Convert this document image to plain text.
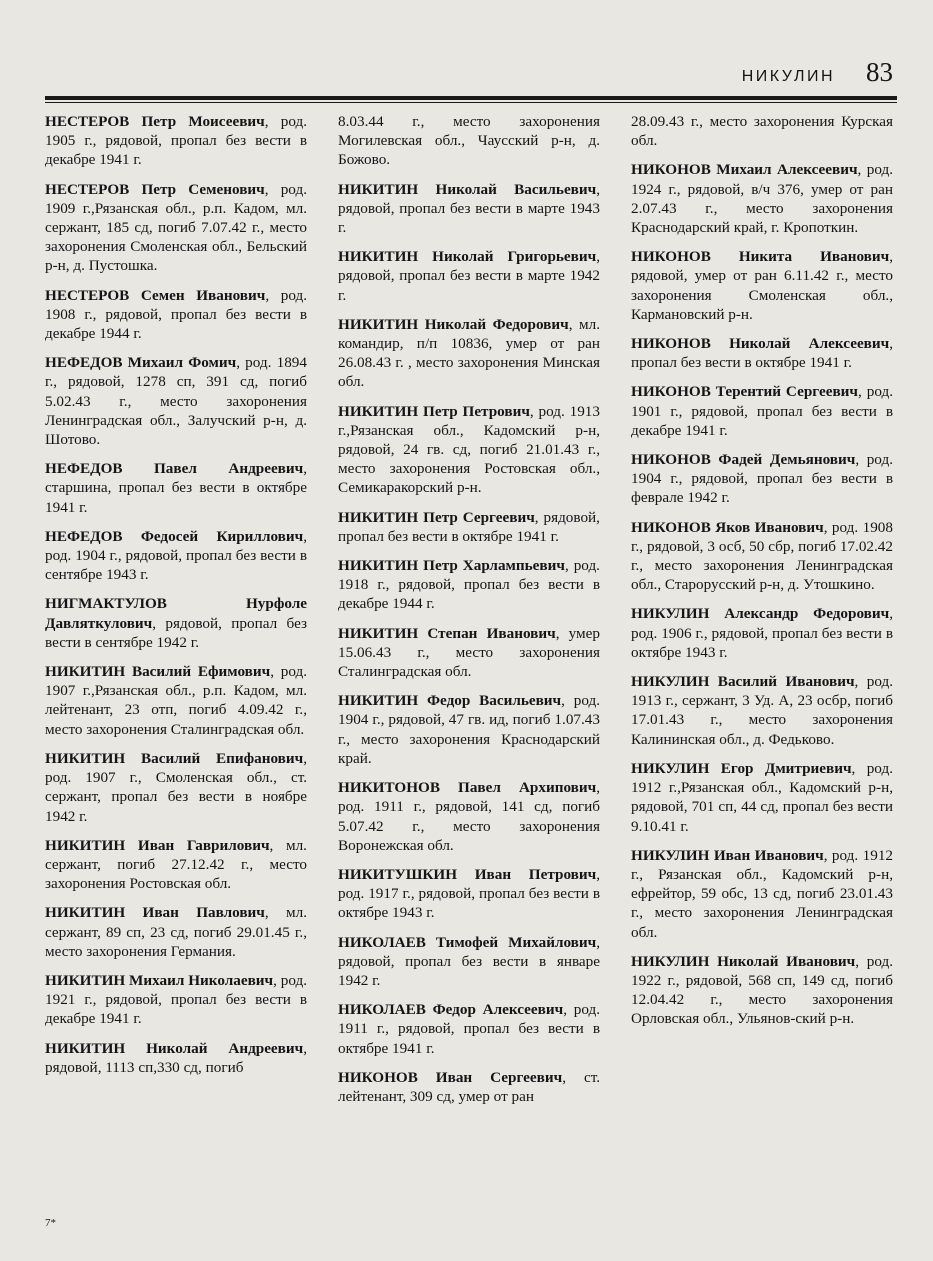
НИКУЛИН 83

НЕСТЕРОВ Петр Моисеевич, род. 1905 г., рядовой, пропал без вести в декабре 1941 г.

НЕСТЕРОВ Петр Семенович, род. 1909 г.,Рязанская обл., р.п. Кадом, мл. сержант, 185 сд, погиб 7.07.42 г., место захоронения Смоленская обл., Бельский р-н, д. Пустошка.

НЕСТЕРОВ Семен Иванович, род. 1908 г., рядовой, пропал без вести в декабре 1944 г.

НЕФЕДОВ Михаил Фомич, род. 1894 г., рядовой, 1278 сп, 391 сд, погиб 5.02.43 г., место захоронения Ленинградская обл., Залучский р-н, д. Шотово.

НЕФЕДОВ Павел Андреевич, старшина, пропал без вести в октябре 1941 г.

НЕФЕДОВ Федосей Кириллович, род. 1904 г., рядовой, пропал без вести в сентябре 1943 г.

НИГМАКТУЛОВ Нурфоле Давляткулович, рядовой, пропал без вести в сентябре 1942 г.

НИКИТИН Василий Ефимович, род. 1907 г.,Рязанская обл., р.п. Кадом, мл. лейтенант, 23 отп, погиб 4.09.42 г., место захоронения Сталинградская обл.

НИКИТИН Василий Епифанович, род. 1907 г., Смоленская обл., ст. сержант, пропал без вести в ноябре 1942 г.

НИКИТИН Иван Гаврилович, мл. сержант, погиб 27.12.42 г., место захоронения Ростовская обл.

НИКИТИН Иван Павлович, мл. сержант, 89 сп, 23 сд, погиб 29.01.45 г., место захоронения Германия.

НИКИТИН Михаил Николаевич, род. 1921 г., рядовой, пропал без вести в декабре 1941 г.

НИКИТИН Николай Андреевич, рядовой, 1113 сп,330 сд, погиб

8.03.44 г., место захоронения Могилевская обл., Чаусский р-н, д. Божово.

НИКИТИН Николай Васильевич, рядовой, пропал без вести в марте 1943 г.

НИКИТИН Николай Григорьевич, рядовой, пропал без вести в марте 1942 г.

НИКИТИН Николай Федорович, мл. командир, п/п 10836, умер от ран 26.08.43 г. , место захоронения Минская обл.

НИКИТИН Петр Петрович, род. 1913 г.,Рязанская обл., Кадомский р-н, рядовой, 24 гв. сд, погиб 21.01.43 г., место захоронения Ростовская обл., Семикаракорский р-н.

НИКИТИН Петр Сергеевич, рядовой, пропал без вести в октябре 1941 г.

НИКИТИН Петр Харлампьевич, род. 1918 г., рядовой, пропал без вести в декабре 1944 г.

НИКИТИН Степан Иванович, умер 15.06.43 г., место захоронения Сталинградская обл.

НИКИТИН Федор Васильевич, род. 1904 г., рядовой, 47 гв. ид, погиб 1.07.43 г., место захоронения Краснодарский край.

НИКИТОНОВ Павел Архипович, род. 1911 г., рядовой, 141 сд, погиб 5.07.42 г., место захоронения Воронежская обл.

НИКИТУШКИН Иван Петрович, род. 1917 г., рядовой, пропал без вести в октябре 1943 г.

НИКОЛАЕВ Тимофей Михайлович, рядовой, пропал без вести в январе 1942 г.

НИКОЛАЕВ Федор Алексеевич, род. 1911 г., рядовой, пропал без вести в октябре 1941 г.

НИКОНОВ Иван Сергеевич, ст. лейтенант, 309 сд, умер от ран

28.09.43 г., место захоронения Курская обл.

НИКОНОВ Михаил Алексеевич, род. 1924 г., рядовой, в/ч 376, умер от ран 2.07.43 г., место захоронения Краснодарский край, г. Кропоткин.

НИКОНОВ Никита Иванович, рядовой, умер от ран 6.11.42 г., место захоронения Смоленская обл., Кармановский р-н.

НИКОНОВ Николай Алексеевич, пропал без вести в октябре 1941 г.

НИКОНОВ Терентий Сергеевич, род. 1901 г., рядовой, пропал без вести в декабре 1941 г.

НИКОНОВ Фадей Демьянович, род. 1904 г., рядовой, пропал без вести в феврале 1942 г.

НИКОНОВ Яков Иванович, род. 1908 г., рядовой, 3 осб, 50 сбр, погиб 17.02.42 г., место захоронения Ленинградская обл., Старорусский р-н, д. Утошкино.

НИКУЛИН Александр Федорович, род. 1906 г., рядовой, пропал без вести в октябре 1943 г.

НИКУЛИН Василий Иванович, род. 1913 г., сержант, 3 Уд. А, 23 осбр, погиб 17.01.43 г., место захоронения Калининская обл., д. Федьково.

НИКУЛИН Егор Дмитриевич, род. 1912 г.,Рязанская обл., Кадомский р-н, рядовой, 701 сп, 44 сд, пропал без вести 9.10.41 г.

НИКУЛИН Иван Иванович, род. 1912 г., Рязанская обл., Кадомский р-н, ефрейтор, 59 обс, 13 сд, погиб 23.01.43 г., место захоронения Ленинградская обл.

НИКУЛИН Николай Иванович, род. 1922 г., рядовой, 568 сп, 149 сд, погиб 12.04.42 г., место захоронения Орловская обл., Ульянов-ский р-н.

7*
